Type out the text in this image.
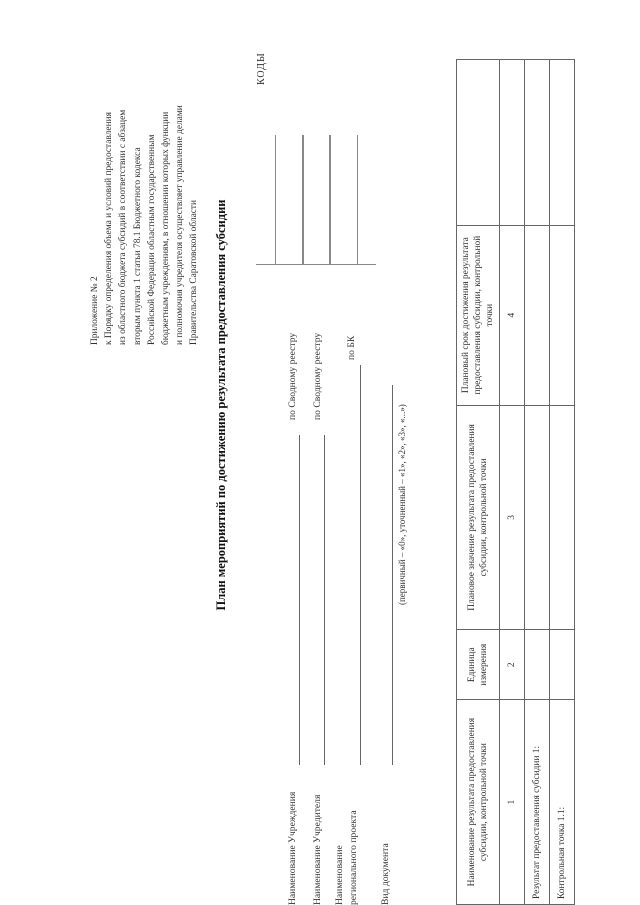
Приложение № 2 к Порядку определения объема и условий предоставления из областного бюджета субсидий в соответствии с абзацем вторым пункта 1 статьи 78.1 Бюджетного кодекса Российской Федерации областным государственным бюджетным учреждениям, в отношении которых функции и полномочия учредителя осуществляет управление делами Правительства Саратовской области План мероприятий по достижению результата предоставления субсидии
КОДЫ
Наименование Учреждения
по Сводному реестру
Наименование Учредителя
по Сводному реестру
Наименование регионального проекта
по БК
Вид документа
(первичный – «0», уточненный – «1», «2», «3», «...»)
Наименование результата предоставления субсидии, контрольной точки	Единица измерения	Плановое значение результата предоставления субсидии, контрольной точки	Плановый срок достижения результата предоставления субсидии, контрольной точки	
1	2	3	4	
Результат предоставления субсидии 1:				
Контрольная точка 1.1:				
